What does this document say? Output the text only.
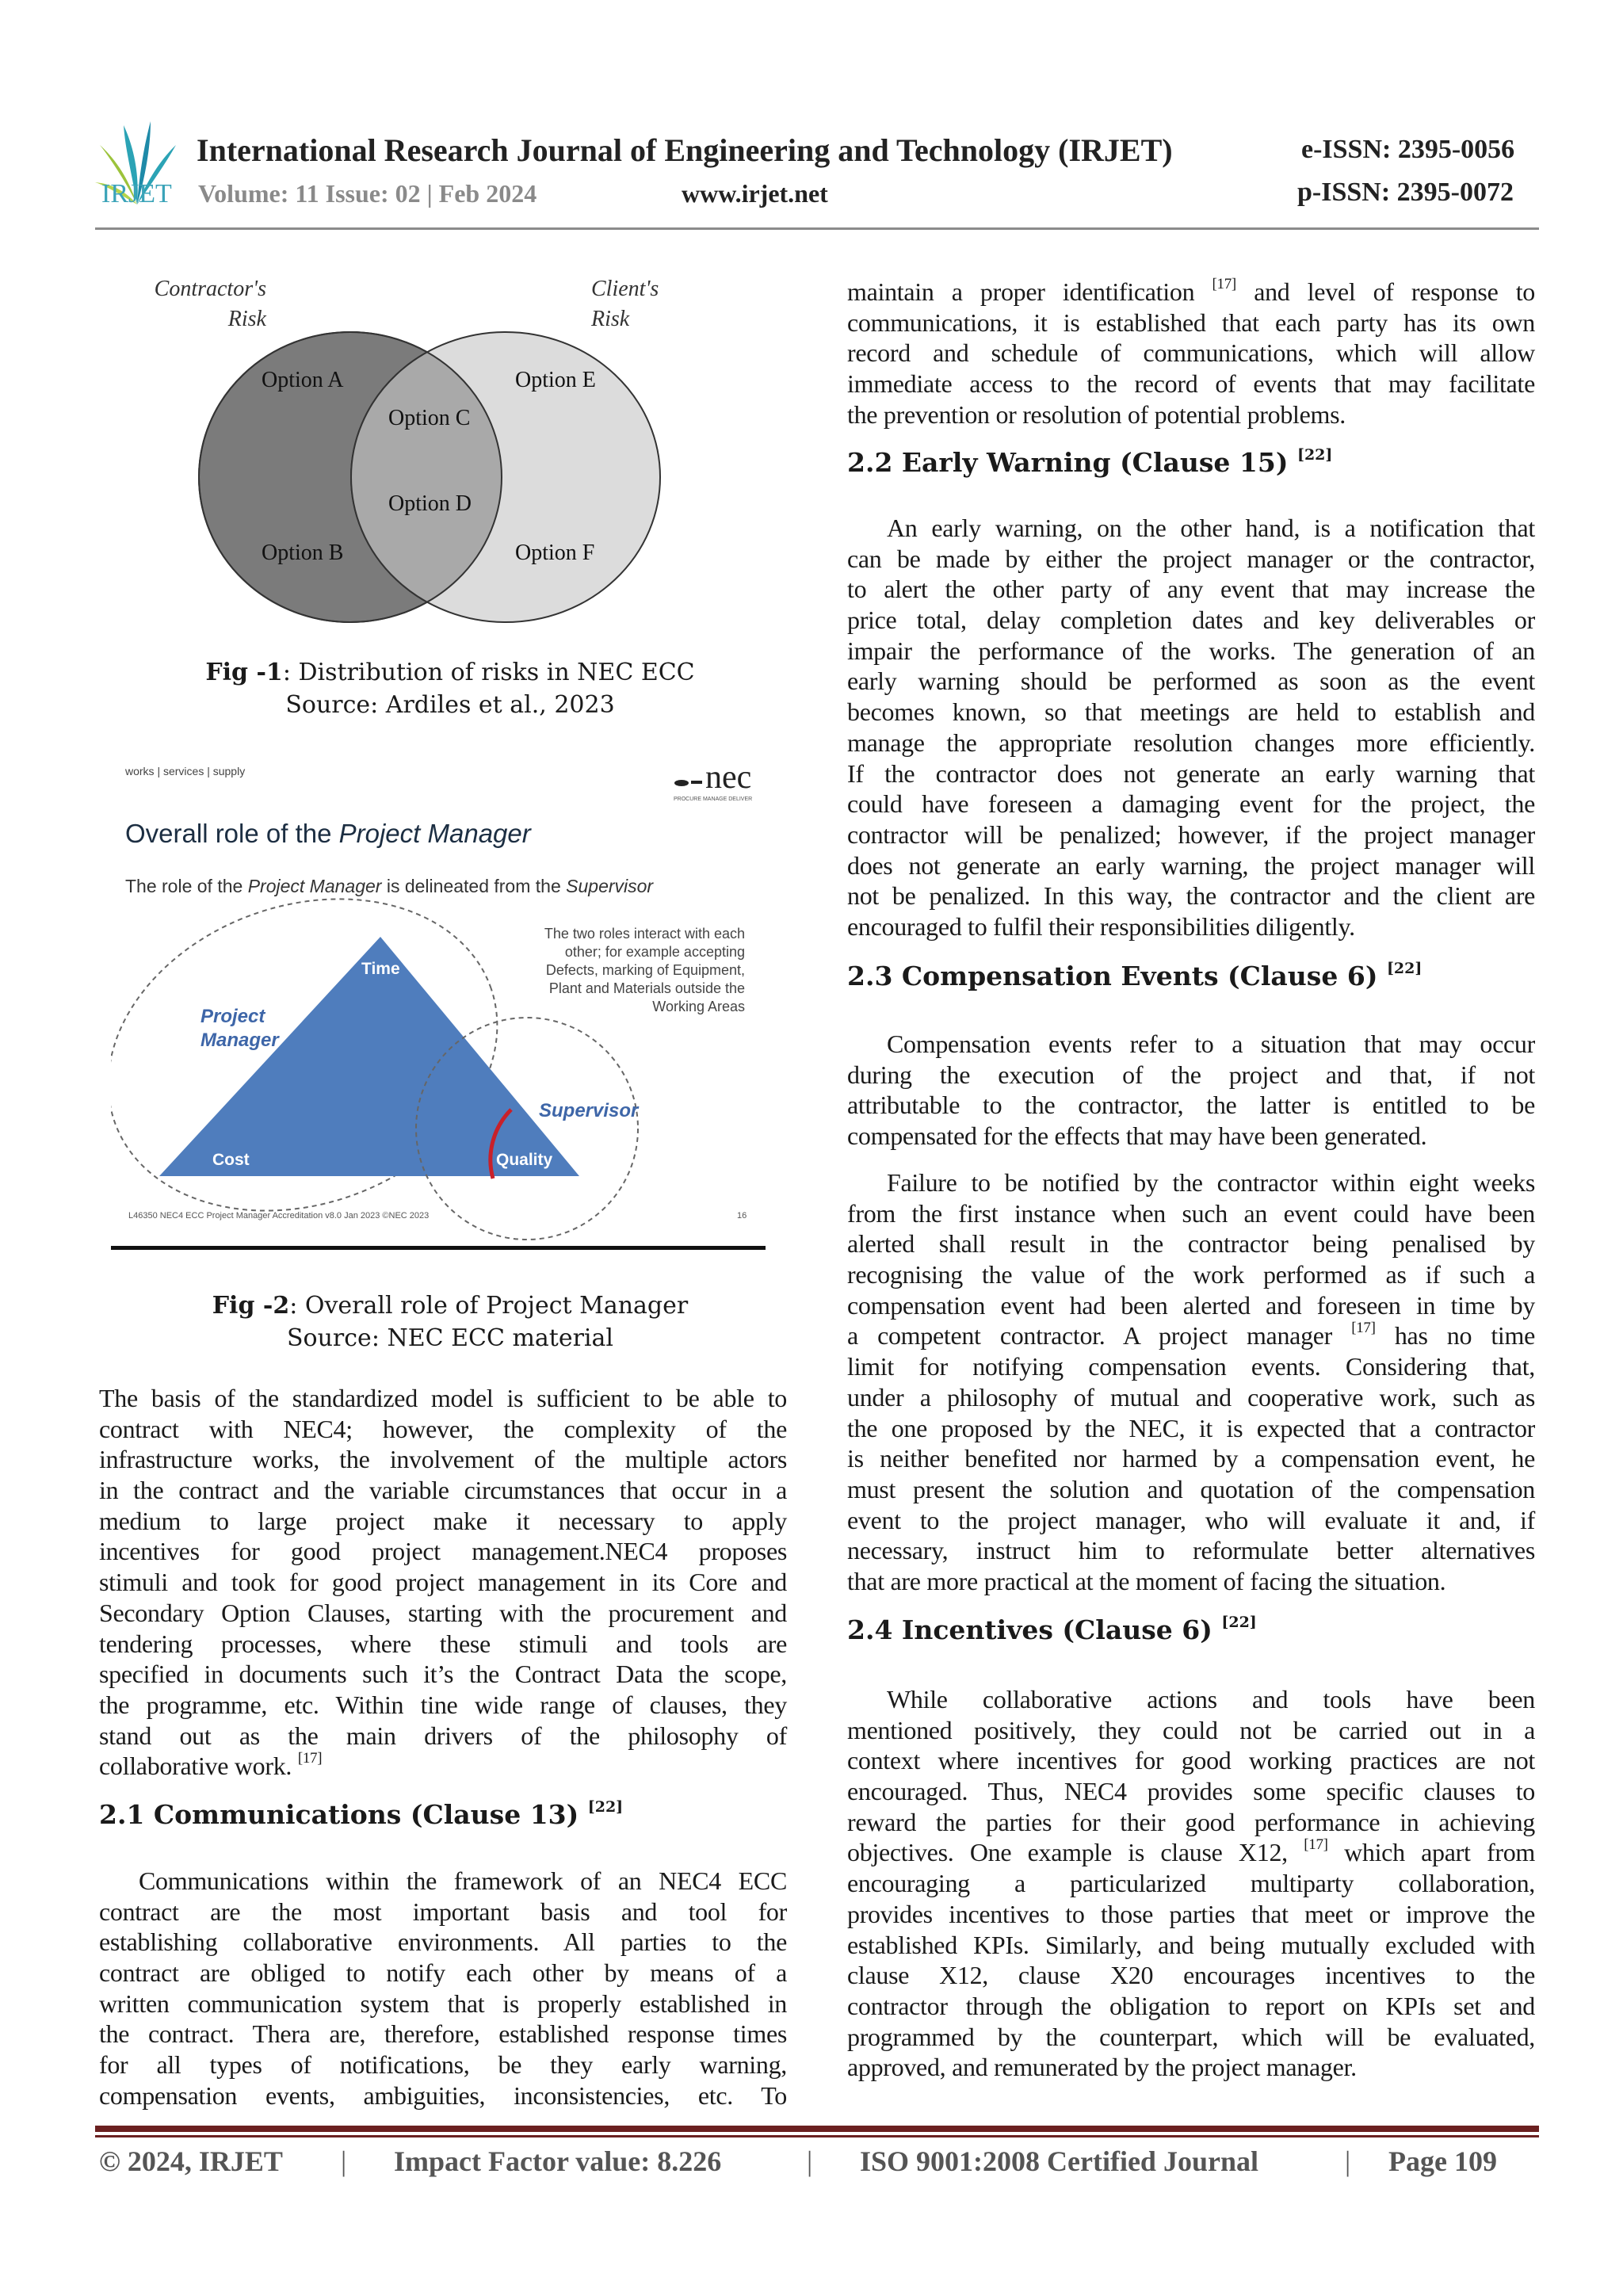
IRJET
International Research Journal of Engineering and Technology (IRJET)	e-ISSN: 2395-0056
Volume: 11 Issue: 02 | Feb 2024	www.irjet.net	p-ISSN: 2395-0072
Contractor's
Risk
Client's
Risk
Option A
Option C
Option D
Option B
Option E
Option F
Fig -1: Distribution of risks in NEC ECC
Source: Ardiles et al., 2023
works | services | supply	nec
PROCURE MANAGE DELIVER
Overall role of the Project Manager
The role of the Project Manager is delineated from the Supervisor
The two roles interact with each
other; for example accepting
Defects, marking of Equipment,
Plant and Materials outside the
Working Areas
Time
Cost	Quality
Project
Manager
Supervisor
L46350 NEC4 ECC Project Manager Accreditation v8.0 Jan 2023 ©NEC 2023	16
Fig -2: Overall role of Project Manager
Source: NEC ECC material
The basis of the standardized model is sufficient to be able to
contract with NEC4; however, the complexity of the
infrastructure works, the involvement of the multiple actors
in the contract and the variable circumstances that occur in a
medium to large project make it necessary to apply
incentives for good project management.NEC4 proposes
stimuli and took for good project management in its Core and
Secondary Option Clauses, starting with the procurement and
tendering processes, where these stimuli and tools are
specified in documents such it’s the Contract Data the scope,
the programme, etc. Within tine wide range of clauses, they
stand out as the main drivers of the philosophy of
collaborative work. [17]
2.1 Communications (Clause 13) [22]
Communications within the framework of an NEC4 ECC
contract are the most important basis and tool for
establishing collaborative environments. All parties to the
contract are obliged to notify each other by means of a
written communication system that is properly established in
the contract. Thera are, therefore, established response times
for all types of notifications, be they early warning,
compensation events, ambiguities, inconsistencies, etc. To
maintain a proper identification [17] and level of response to
communications, it is established that each party has its own
record and schedule of communications, which will allow
immediate access to the record of events that may facilitate
the prevention or resolution of potential problems.
2.2 Early Warning (Clause 15) [22]
An early warning, on the other hand, is a notification that
can be made by either the project manager or the contractor,
to alert the other party of any event that may increase the
price total, delay completion dates and key deliverables or
impair the performance of the works. The generation of an
early warning should be performed as soon as the event
becomes known, so that meetings are held to establish and
manage the appropriate resolution changes more efficiently.
If the contractor does not generate an early warning that
could have foreseen a damaging event for the project, the
contractor will be penalized; however, if the project manager
does not generate an early warning, the project manager will
not be penalized. In this way, the contractor and the client are
encouraged to fulfil their responsibilities diligently.
2.3 Compensation Events (Clause 6) [22]
Compensation events refer to a situation that may occur
during the execution of the project and that, if not
attributable to the contractor, the latter is entitled to be
compensated for the effects that may have been generated.
Failure to be notified by the contractor within eight weeks
from the first instance when such an event could have been
alerted shall result in the contractor being penalised by
recognising the value of the work performed as if such a
compensation event had been alerted and foreseen in time by
a competent contractor. A project manager [17] has no time
limit for notifying compensation events. Considering that,
under a philosophy of mutual and cooperative work, such as
the one proposed by the NEC, it is expected that a contractor
is neither benefited nor harmed by a compensation event, he
must present the solution and quotation of the compensation
event to the project manager, who will evaluate it and, if
necessary, instruct him to reformulate better alternatives
that are more practical at the moment of facing the situation.
2.4 Incentives (Clause 6) [22]
While collaborative actions and tools have been
mentioned positively, they could not be carried out in a
context where incentives for good working practices are not
encouraged. Thus, NEC4 provides some specific clauses to
reward the parties for their good performance in achieving
objectives. One example is clause X12, [17] which apart from
encouraging a particularized multiparty collaboration,
provides incentives to those parties that meet or improve the
established KPIs. Similarly, and being mutually excluded with
clause X12, clause X20 encourages incentives to the
contractor through the obligation to report on KPIs set and
programmed by the counterpart, which will be evaluated,
approved, and remunerated by the project manager.
© 2024, IRJET | Impact Factor value: 8.226	| ISO 9001:2008 Certified Journal	| Page 109
